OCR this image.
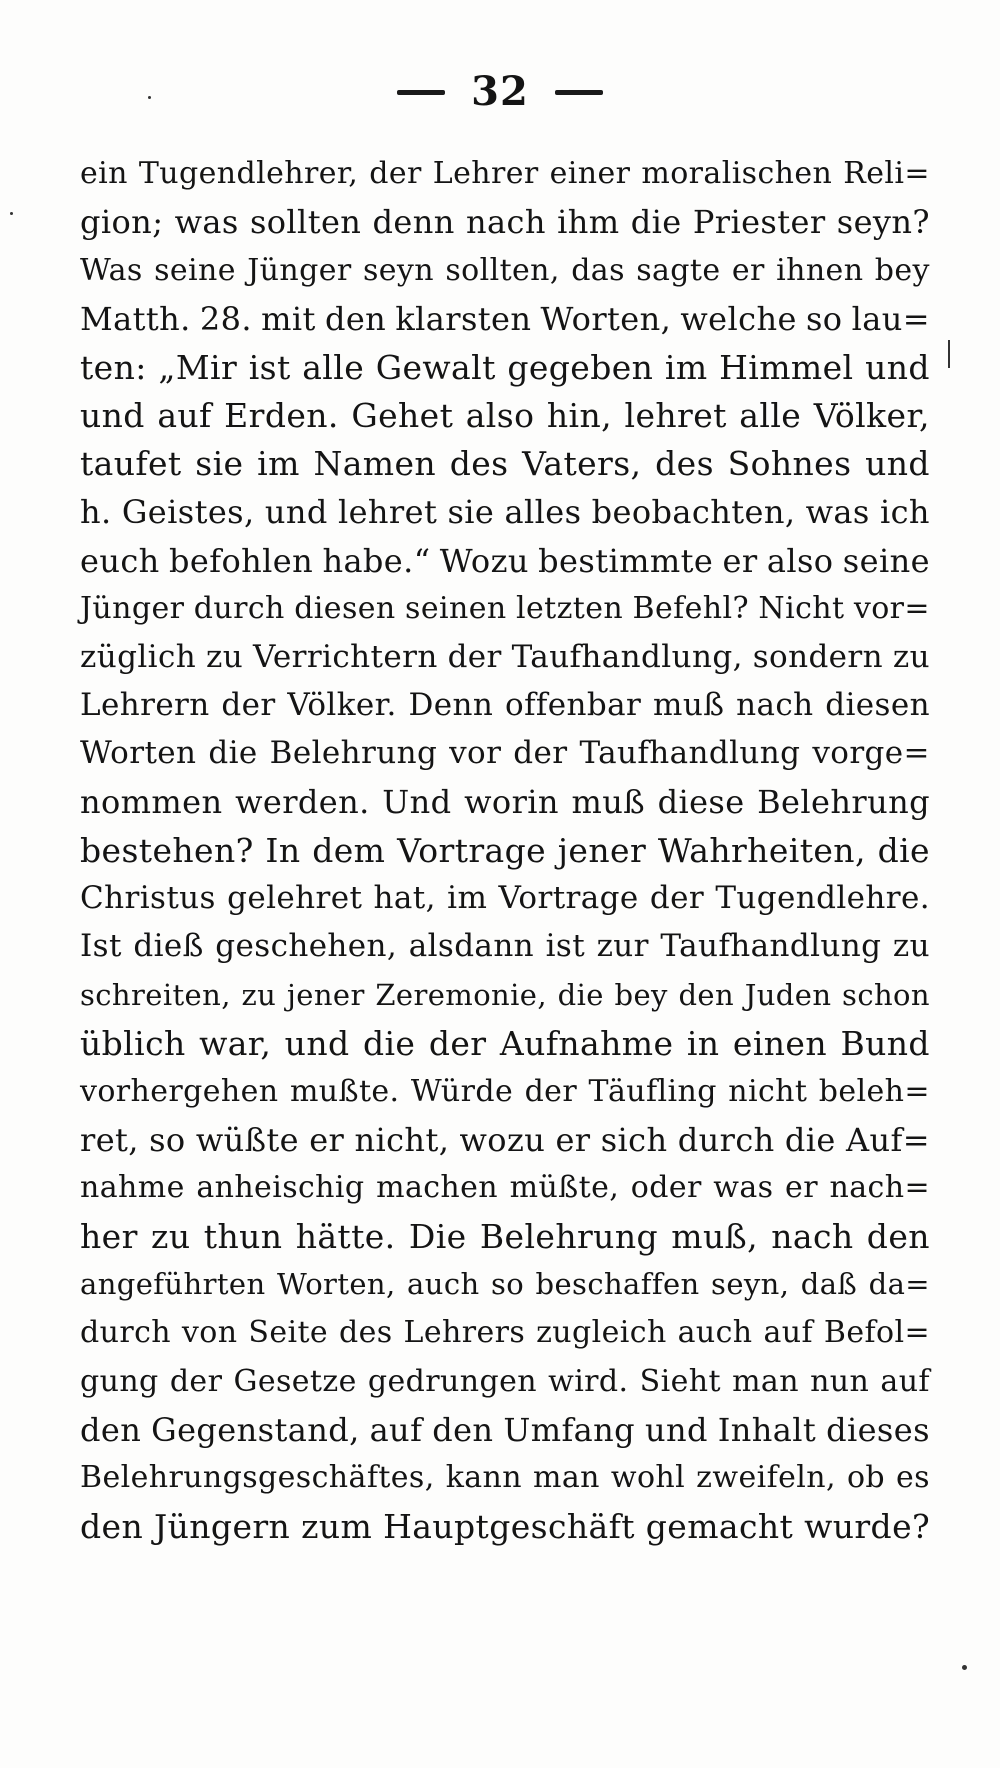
32
ein Tugendlehrer, der Lehrer einer moralischen Reli=
gion; was sollten denn nach ihm die Priester seyn?
Was seine Jünger seyn sollten, das sagte er ihnen bey
Matth. 28. mit den klarsten Worten, welche so lau=
ten: „Mir ist alle Gewalt gegeben im Himmel und
und auf Erden. Gehet also hin, lehret alle Völker,
taufet sie im Namen des Vaters, des Sohnes und
h. Geistes, und lehret sie alles beobachten, was ich
euch befohlen habe.“ Wozu bestimmte er also seine
Jünger durch diesen seinen letzten Befehl? Nicht vor=
züglich zu Verrichtern der Taufhandlung, sondern zu
Lehrern der Völker. Denn offenbar muß nach diesen
Worten die Belehrung vor der Taufhandlung vorge=
nommen werden. Und worin muß diese Belehrung
bestehen? In dem Vortrage jener Wahrheiten, die
Christus gelehret hat, im Vortrage der Tugendlehre.
Ist dieß geschehen, alsdann ist zur Taufhandlung zu
schreiten, zu jener Zeremonie, die bey den Juden schon
üblich war, und die der Aufnahme in einen Bund
vorhergehen mußte. Würde der Täufling nicht beleh=
ret, so wüßte er nicht, wozu er sich durch die Auf=
nahme anheischig machen müßte, oder was er nach=
her zu thun hätte. Die Belehrung muß, nach den
angeführten Worten, auch so beschaffen seyn, daß da=
durch von Seite des Lehrers zugleich auch auf Befol=
gung der Gesetze gedrungen wird. Sieht man nun auf
den Gegenstand, auf den Umfang und Inhalt dieses
Belehrungsgeschäftes, kann man wohl zweifeln, ob es
den Jüngern zum Hauptgeschäft gemacht wurde?
